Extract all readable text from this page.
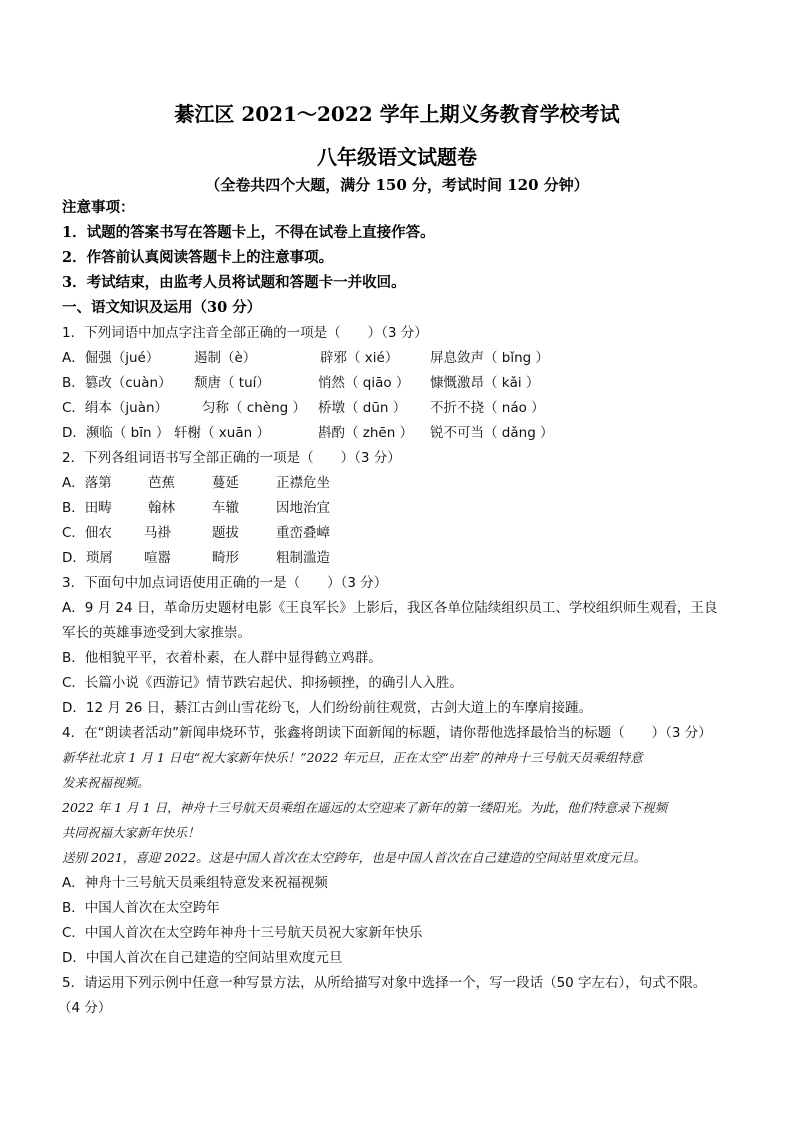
綦江区 2021～2022 学年上期义务教育学校考试
八年级语文试题卷
（全卷共四个大题，满分 150 分，考试时间 120 分钟）
注意事项：
1．试题的答案书写在答题卡上，不得在试卷上直接作答。
2．作答前认真阅读答题卡上的注意事项。
3．考试结束，由监考人员将试题和答题卡一并收回。
一、语文知识及运用（30 分）
1．下列词语中加点字注音全部正确的一项是（　　）（3 分）
A．倔强（jué）	遏制（è）	辟邪（ xié） 屏息敛声（ bǐng ）
B．篡改（cuàn） 颓唐（ tuí）	悄然（ qiāo ） 慷慨激昂（ kǎi ）
C．绢本（juàn）	匀称（ chèng ） 桥墩（ dūn ） 不折不挠（ náo ）
D．濒临（ bīn ） 轩榭（ xuān ）	斟酌（ zhēn ） 锐不可当（ dǎng ）
2．下列各组词语书写全部正确的一项是（　　）（3 分）
A．落第	芭蕉	蔓延	正襟危坐
B．田畴	翰林	车辙	因地治宜
C．佃农 马褂	题拔	重峦叠嶂
D．琐屑 喧嚣	畸形	粗制滥造
3．下面句中加点词语使用正确的一是（　　）（3 分）
A．9 月 24 日，革命历史题材电影《王良军长》上影后，我区各单位陆续组织员工、学校组织师生观看，王良
军长的英雄事迹受到大家推崇。
B．他相貌平平，衣着朴素，在人群中显得鹤立鸡群。
C．长篇小说《西游记》情节跌宕起伏、抑扬顿挫，的确引人入胜。
D．12 月 26 日，綦江古剑山雪花纷飞，人们纷纷前往观赏，古剑大道上的车摩肩接踵。
4．在“朗读者活动”新闻串烧环节，张鑫将朗读下面新闻的标题，请你帮他选择最恰当的标题（　　）（3 分）
新华社北京 1 月 1 日电“祝大家新年快乐！”2022 年元旦，正在太空“出差”的神舟十三号航天员乘组特意
发来祝福视频。
2022 年 1 月 1 日，神舟十三号航天员乘组在遥远的太空迎来了新年的第一缕阳光。为此，他们特意录下视频
共同祝福大家新年快乐！
送别 2021，喜迎 2022。这是中国人首次在太空跨年，也是中国人首次在自己建造的空间站里欢度元旦。
A．神舟十三号航天员乘组特意发来祝福视频
B．中国人首次在太空跨年
C．中国人首次在太空跨年神舟十三号航天员祝大家新年快乐
D．中国人首次在自己建造的空间站里欢度元旦
5．请运用下列示例中任意一种写景方法，从所给描写对象中选择一个，写一段话（50 字左右），句式不限。
（4 分）
